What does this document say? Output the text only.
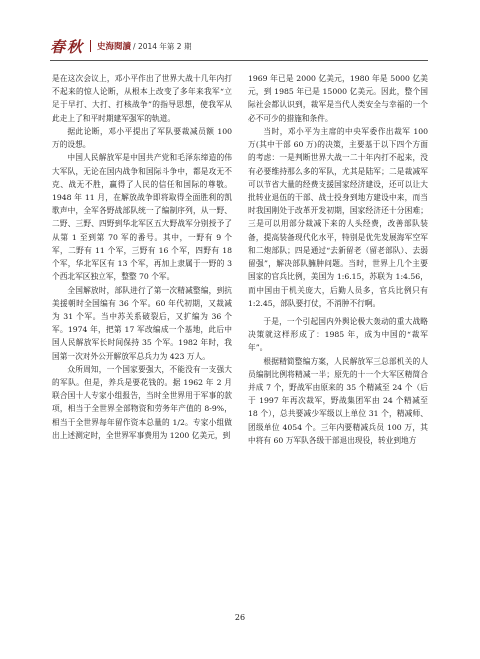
春秋 史海閱讀 / 2014 年第 2 期

是在这次会议上，邓小平作出了世界大战十几年内打不起来的惊人论断，从根本上改变了多年来我军“立足于早打、大打、打核战争”的指导思想，使我军从此走上了和平时期建军强军的轨道。

据此论断，邓小平提出了军队要裁减员额 100 万的设想。

中国人民解放军是中国共产党和毛泽东缔造的伟大军队，无论在国内战争和国际斗争中，都是攻无不克、战无不胜，赢得了人民的信任和国际的尊敬。1948 年 11 月，在解放战争即将取得全面胜利的凯歌声中，全军各野战部队统一了编制序列，从一野、二野、三野、四野到华北军区五大野战军分别授予了从第 1 至到第 70 军的番号。其中，一野有 9 个军，二野有 11 个军，三野有 16 个军，四野有 18 个军，华北军区有 13 个军，再加上隶属于一野的 3 个西北军区独立军，整整 70 个军。

全国解放时，部队进行了第一次精减整编，到抗美援朝时全国编有 36 个军。60 年代初期，又裁减为 31 个军。当中苏关系破裂后，又扩编为 36 个军。1974 年，把第 17 军改编成一个基地，此后中国人民解放军长时间保持 35 个军。1982 年时，我国第一次对外公开解放军总兵力为 423 万人。

众所周知，一个国家要强大，不能没有一支强大的军队。但是，养兵是要花钱的。据 1962 年 2 月联合国十人专家小组报告，当时全世界用于军事的款项，相当于全世界全部物资和劳务年产值的 8-9%，相当于全世界每年留作资本总量的 1/2。专家小组做出上述测定时，全世界军事费用为 1200 亿美元，到

1969 年已是 2000 亿美元，1980 年是 5000 亿美元，到 1985 年已是 15000 亿美元。因此，整个国际社会都认识到，裁军是当代人类安全与幸福的一个必不可少的措施和条件。

当时，邓小平为主席的中央军委作出裁军 100 万(其中干部 60 万)的决策，主要基于以下四个方面的考虑：一是判断世界大战一二十年内打不起来，没有必要维持那么多的军队，尤其是陆军；二是裁减军可以节省大量的经费支援国家经济建设，还可以让大批转业退伍的干部、战士投身到地方建设中来，而当时我国刚处于改革开发初期，国家经济还十分困难；三是可以用部分裁减下来的人头经费，改善部队装备，提高装备现代化水平，特别是优先发展海军空军和二炮部队；四是通过“去新留老（留老部队）、去弱留强”，解决部队臃肿问题。当时，世界上几个主要国家的官兵比例，美国为 1:6.15，苏联为 1:4.56，而中国由于机关庞大，后勤人员多，官兵比例只有 1:2.45，部队要打仗，不消肿不行啊。

于是，一个引起国内外舆论极大轰动的重大战略决策就这样形成了：1985 年，成为中国的“裁军年”。

根据精简整编方案，人民解放军三总部机关的人员编制比例将精减一半；原先的十一个大军区精简合并成 7 个，野战军由原来的 35 个精减至 24 个（后于 1997 年再次裁军，野战集团军由 24 个精减至 18 个），总共要减少军级以上单位 31 个，精减师、团级单位 4054 个。三年内要精减兵员 100 万，其中将有 60 万军队各级干部退出现役，转业到地方

26
